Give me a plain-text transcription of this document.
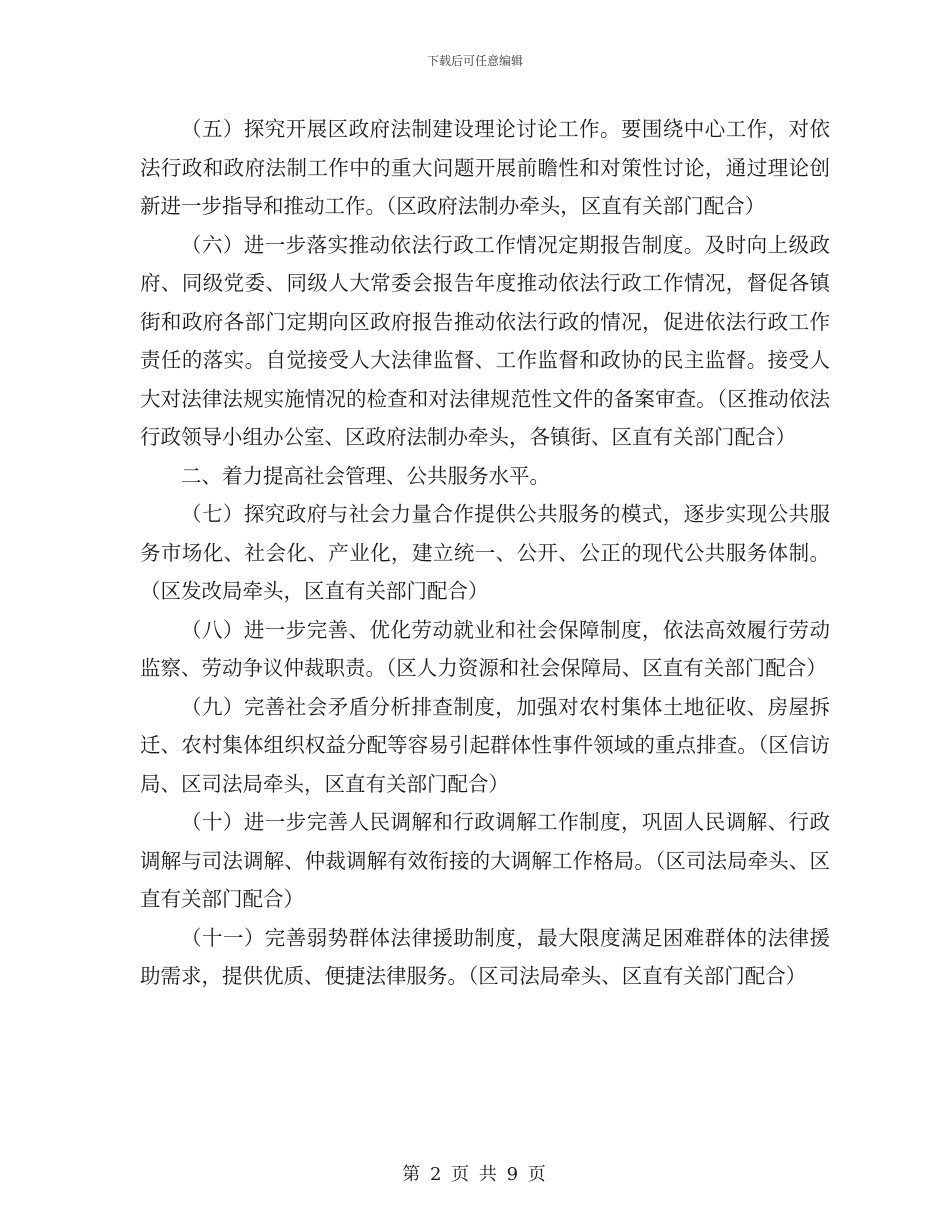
下载后可任意编辑

（五）探究开展区政府法制建设理论讨论工作。要围绕中心工作，对依法行政和政府法制工作中的重大问题开展前瞻性和对策性讨论，通过理论创新进一步指导和推动工作。（区政府法制办牵头，区直有关部门配合）

（六）进一步落实推动依法行政工作情况定期报告制度。及时向上级政府、同级党委、同级人大常委会报告年度推动依法行政工作情况，督促各镇街和政府各部门定期向区政府报告推动依法行政的情况，促进依法行政工作责任的落实。自觉接受人大法律监督、工作监督和政协的民主监督。接受人大对法律法规实施情况的检查和对法律规范性文件的备案审查。（区推动依法行政领导小组办公室、区政府法制办牵头，各镇街、区直有关部门配合）

二、着力提高社会管理、公共服务水平。

（七）探究政府与社会力量合作提供公共服务的模式，逐步实现公共服务市场化、社会化、产业化，建立统一、公开、公正的现代公共服务体制。（区发改局牵头，区直有关部门配合）

（八）进一步完善、优化劳动就业和社会保障制度，依法高效履行劳动监察、劳动争议仲裁职责。（区人力资源和社会保障局、区直有关部门配合）

（九）完善社会矛盾分析排查制度，加强对农村集体土地征收、房屋拆迁、农村集体组织权益分配等容易引起群体性事件领域的重点排查。（区信访局、区司法局牵头，区直有关部门配合）

（十）进一步完善人民调解和行政调解工作制度，巩固人民调解、行政调解与司法调解、仲裁调解有效衔接的大调解工作格局。（区司法局牵头、区直有关部门配合）

（十一）完善弱势群体法律援助制度，最大限度满足困难群体的法律援助需求，提供优质、便捷法律服务。（区司法局牵头、区直有关部门配合）

第 2 页 共 9 页
